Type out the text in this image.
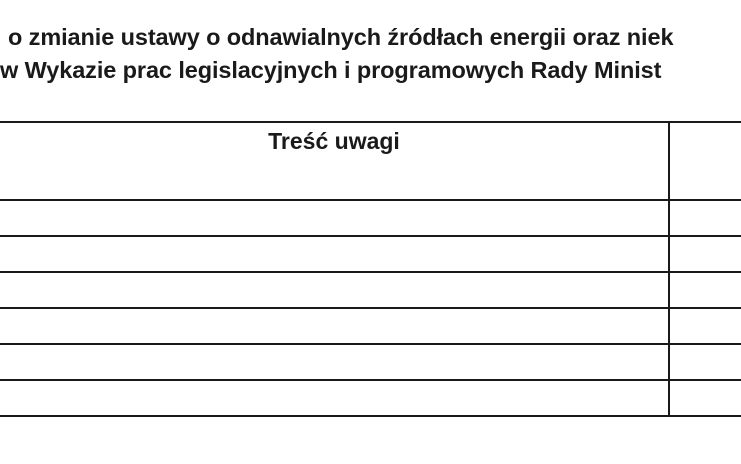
o zmianie ustawy o odnawialnych źródłach energii oraz niek
w Wykazie prac legislacyjnych i programowych Rady Minist
Treść uwagi
